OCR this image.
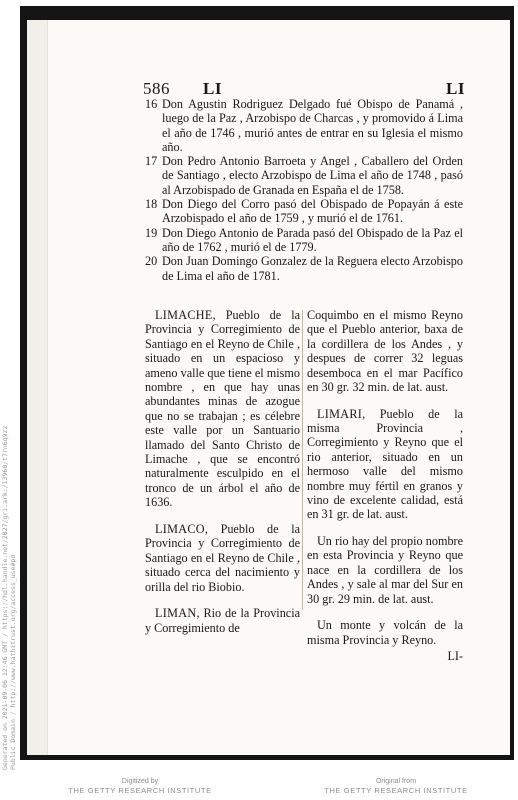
586 LI	LI
16 Don Agustin Rodriguez Delgado fué Obispo de Panamá , luego de la Paz , Arzobispo de Charcas , y promovido á Lima el año de 1746 , murió antes de entrar en su Iglesia el mismo año.
17 Don Pedro Antonio Barroeta y Angel , Caballero del Orden de Santiago , electo Arzobispo de Lima el año de 1748 , pasó al Arzobispado de Granada en España el de 1758.
18 Don Diego del Corro pasó del Obispado de Popayán á este Arzobispado el año de 1759 , y murió el de 1761.
19 Don Diego Antonio de Parada pasó del Obispado de la Paz el año de 1762 , murió el de 1779.
20 Don Juan Domingo Gonzalez de la Reguera electo Arzobispo de Lima el año de 1781.

LIMACHE, Pueblo de la Provincia y Corregimiento de Santiago en el Reyno de Chile , situado en un espacioso y ameno valle que tiene el mismo nombre , en que hay unas abundantes minas de azogue que no se trabajan ; es célebre este valle por un Santuario llamado del Santo Christo de Limache , que se encontró naturalmente esculpido en el tronco de un árbol el año de 1636.

LIMACO, Pueblo de la Provincia y Corregimiento de Santiago en el Reyno de Chile , situado cerca del nacimiento y orilla del rio Biobio.

LIMAN, Rio de la Provincia y Corregimiento de

Coquimbo en el mismo Reyno que el Pueblo anterior, baxa de la cordillera de los Andes , y despues de correr 32 leguas desemboca en el mar Pacífico en 30 gr. 32 min. de lat. aust.

LIMARI, Pueblo de la misma Provincia , Corregimiento y Reyno que el rio anterior, situado en un hermoso valle del mismo nombre muy fértil en granos y vino de excelente calidad, está en 31 gr. de lat. aust.

Un rio hay del propio nombre en esta Provincia y Reyno que nace en la cordillera de los Andes , y sale al mar del Sur en 30 gr. 29 min. de lat. aust.

Un monte y volcán de la misma Provincia y Reyno.

LI-
Digitized by
THE GETTY RESEARCH INSTITUTE
Original from
THE GETTY RESEARCH INSTITUTE
Generated on 2021-09-06 12:46 GMT / https://hdl.handle.net/2027/gri.ark:/13960/t7rn6q9zz Public Domain / http://www.hathitrust.org/access_use#pd
